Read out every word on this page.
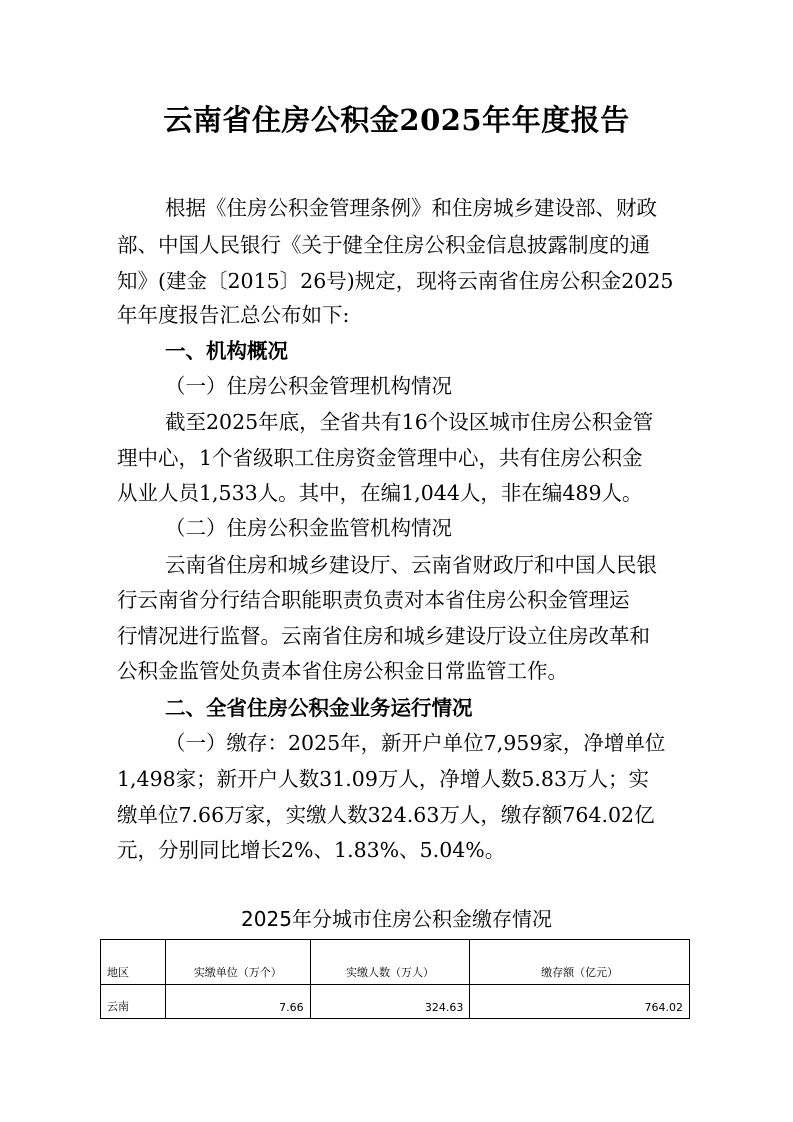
云南省住房公积金2025年年度报告
根据《住房公积金管理条例》和住房城乡建设部、财政
部、中国人民银行《关于健全住房公积金信息披露制度的通
知》(建金〔2015〕26号)规定，现将云南省住房公积金2025
年年度报告汇总公布如下:
一、机构概况
（一）住房公积金管理机构情况
截至2025年底，全省共有16个设区城市住房公积金管
理中心，1个省级职工住房资金管理中心，共有住房公积金
从业人员1,533人。其中，在编1,044人，非在编489人。
（二）住房公积金监管机构情况
云南省住房和城乡建设厅、云南省财政厅和中国人民银
行云南省分行结合职能职责负责对本省住房公积金管理运
行情况进行监督。云南省住房和城乡建设厅设立住房改革和
公积金监管处负责本省住房公积金日常监管工作。
二、全省住房公积金业务运行情况
（一）缴存：2025年，新开户单位7,959家，净增单位
1,498家；新开户人数31.09万人，净增人数5.83万人；实
缴单位7.66万家，实缴人数324.63万人，缴存额764.02亿
元，分别同比增长2%、1.83%、5.04%。
2025年分城市住房公积金缴存情况
地区	实缴单位（万个）	实缴人数（万人）	缴存额（亿元）
云南	7.66	324.63	764.02
